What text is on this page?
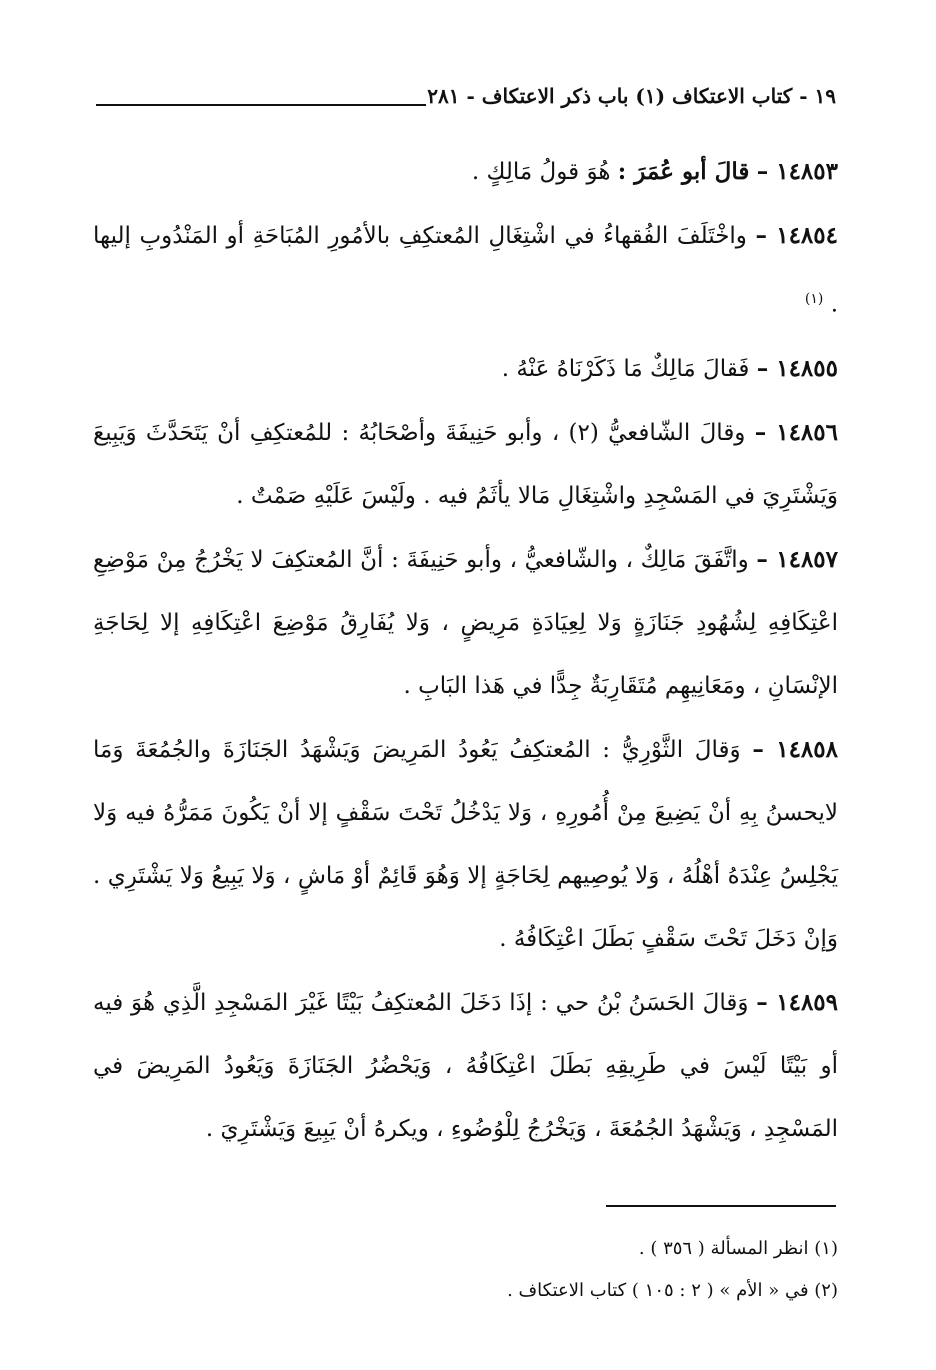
١٩ - كتاب الاعتكاف (١) باب ذكر الاعتكاف - ٢٨١

١٤٨٥٣ – قالَ أبو عُمَرَ : هُوَ قولُ مَالِكٍ .

١٤٨٥٤ – واخْتَلَفَ الفُقهاءُ في اشْتِغَالِ المُعتكِفِ بالأمُورِ المُبَاحَةِ أو المَنْدُوبِ إليها . $^{(١)}$

١٤٨٥٥ – فَقالَ مَالِكٌ مَا ذَكَرْنَاهُ عَنْهُ .

١٤٨٥٦ – وقالَ الشّافعيُّ (٢) ، وأبو حَنِيفَةَ وأصْحَابُهُ : للمُعتكِفِ أنْ يَتَحَدَّثَ وَيَبِيعَ وَيَشْتَرِيَ في المَسْجِدِ واشْتِغَالِ مَالا يأثَمُ فيه . ولَيْسَ عَلَيْهِ صَمْتٌ .

١٤٨٥٧ – واتَّفَقَ مَالِكٌ ، والشّافعيُّ ، وأبو حَنِيفَةَ : أنَّ المُعتكِفَ لا يَخْرُجُ مِنْ مَوْضِعِ اعْتِكَافِهِ لِشُهُودِ جَنَازَةٍ وَلا لِعِيَادَةِ مَرِيضٍ ، وَلا يُفَارِقُ مَوْضِعَ اعْتِكَافِهِ إلا لِحَاجَةِ الإنْسَانِ ، ومَعَانِيهِم مُتَقَارِبَةٌ جِدًّا في هَذا البَابِ .

١٤٨٥٨ – وَقالَ الثَّوْرِيُّ : المُعتكِفُ يَعُودُ المَرِيضَ وَيَشْهَدُ الجَنَازَةَ والجُمُعَةَ وَمَا لايحسنُ بِهِ أنْ يَضِيعَ مِنْ أُمُورِهِ ، وَلا يَدْخُلُ تَحْتَ سَقْفٍ إلا أنْ يَكُونَ مَمَرُّهُ فيه وَلا يَجْلِسُ عِنْدَهُ أهْلُهُ ، وَلا يُوصِيهم لِحَاجَةٍ إلا وَهُوَ قَائِمٌ أوْ مَاشٍ ، وَلا يَبِيعُ وَلا يَشْتَرِي . وَإنْ دَخَلَ تَحْتَ سَقْفٍ بَطَلَ اعْتِكَافُهُ .

١٤٨٥٩ – وَقالَ الحَسَنُ بْنُ حي : إذَا دَخَلَ المُعتكِفُ بَيْتًا غَيْرَ المَسْجِدِ الَّذِي هُوَ فيه أو بَيْتًا لَيْسَ في طَرِيقِهِ بَطَلَ اعْتِكَافُهُ ، وَيَحْضُرُ الجَنَازَةَ وَيَعُودُ المَرِيضَ في المَسْجِدِ ، وَيَشْهَدُ الجُمُعَةَ ، وَيَخْرُجُ لِلْوُضُوءِ ، ويكرهُ أنْ يَبِيعَ وَيَشْتَرِيَ .

(١) انظر المسألة ( ٣٥٦ ) .

(٢) في « الأم » ( ٢ : ١٠٥ ) كتاب الاعتكاف .
